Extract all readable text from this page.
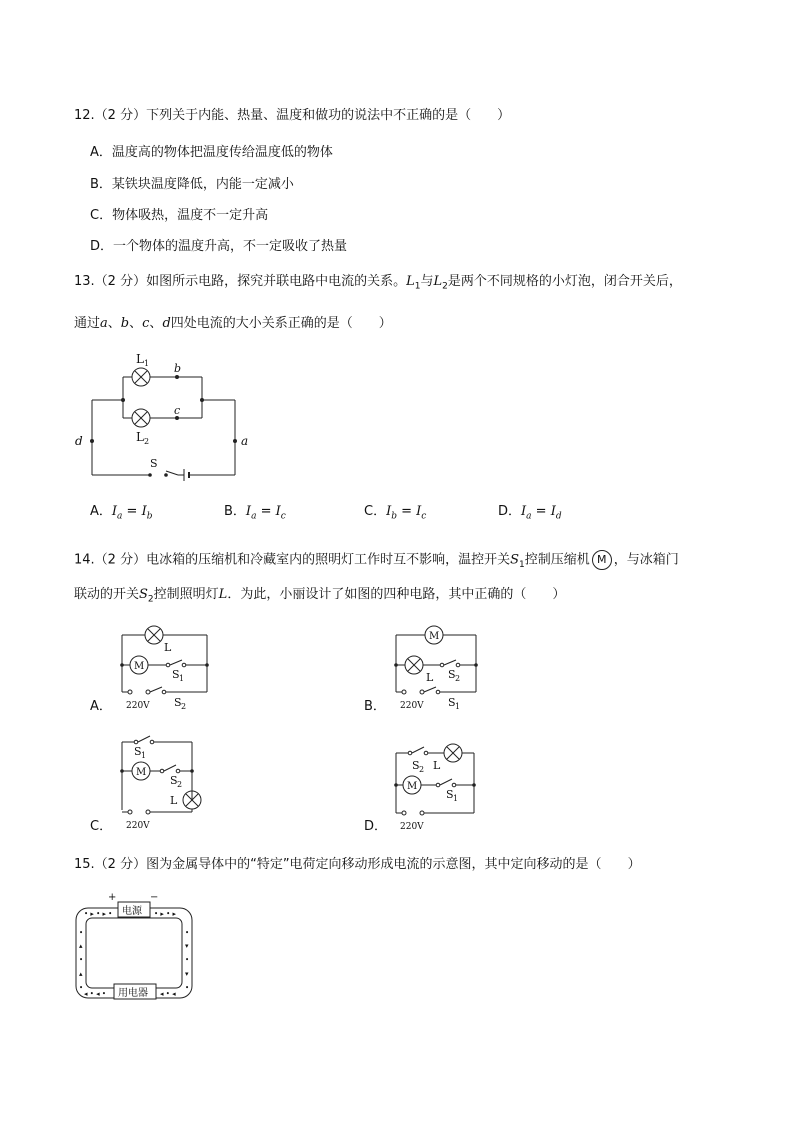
12.（2 分）下列关于内能、热量、温度和做功的说法中不正确的是（ ）
A．温度高的物体把温度传给温度低的物体
B．某铁块温度降低，内能一定减小
C．物体吸热，温度不一定升高
D．一个物体的温度升高，不一定吸收了热量
13.（2 分）如图所示电路，探究并联电路中电流的关系。$L_1$与$L_2$是两个不同规格的小灯泡，闭合开关后，
通过a、b、c、d四处电流的大小关系正确的是（ ）
L 1
L 2
b
c
d	a
S
A．$I_a = I_b$	B．$I_a = I_c$	C．$I_b = I_c$	D．$I_a = I_d$
14.（2 分）电冰箱的压缩机和冷藏室内的照明灯工作时互不影响，温控开关$S_1$控制压缩机 M ，与冰箱门
联动的开关$S_2$控制照明灯L．为此，小丽设计了如图的四种电路，其中正确的（ ）
A．
M
L
S 1
S 2
220V	B．
M
L S 2
S 1
220V
C．
M
S 1
S 2
L
220V	D．
M
S 2 L
S 1
220V
15.（2 分）图为金属导体中的“特定”电荷定向移动形成电流的示意图，其中定向移动的是（ ）
• ▸ • ▸ •	• ▸ • ▸
•
▴
•
▴
•
•
▾
•
▾
•
◂ • ◂ •	◂ • ◂
+	−
电源
用电器
